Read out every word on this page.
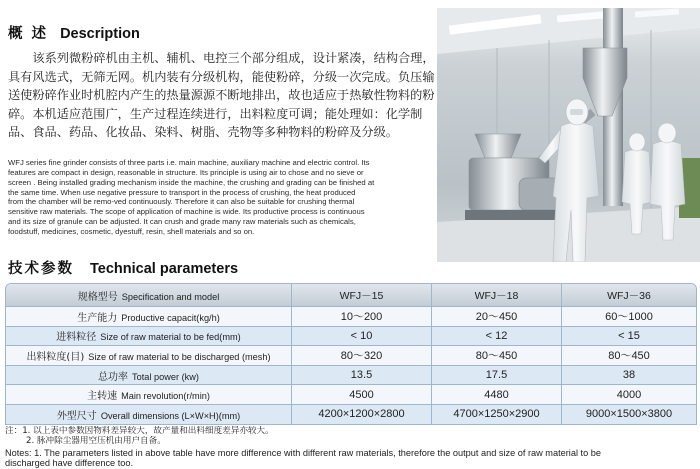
概 述 Description
该系列微粉碎机由主机、辅机、电控三个部分组成，设计紧凑，结构合理，
具有风选式，无筛无网。机内装有分级机构，能使粉碎，分级一次完成。负压输
送使粉碎作业时机腔内产生的热量源源不断地排出，故也适应于热敏性物料的粉
碎。本机适应范围广，生产过程连续进行，出料粒度可调；能处理如：化学制
品、食品、药品、化妆品、染料、树脂、壳物等多种物料的粉碎及分级。
WFJ series fine grinder consists of three parts i.e. main machine, auxiliary machine and electric control. Its
features are compact in design, reasonable in structure. Its principle is using air to chose and no sieve or
screen . Being installed grading mechanism inside the machine, the crushing and grading can be finished at
the same time. When use negative pressure to transport in the process of crushing, the heat produced
from the chamber will be remo-ved continuously. Therefore it can also be suitable for crushing thermal
sensitive raw materials. The scope of application of machine is wide. Its productive process is continuous
and its size of granule can be adjusted. It can crush and grade many raw materials such as chemicals,
foodstuff, medicines, cosmetic, dyestuff, resin, shell materials and so on.
技术参数 Technical parameters
规格型号 Specification and model	WFJ－15	WFJ－18	WFJ－36
生产能力 Productive capacit(kg/h)	10～200	20～450	60～1000
进料粒径 Size of raw material to be fed(mm)	< 10	< 12	< 15
出料粒度(目) Size of raw material to be discharged (mesh)	80～320	80～450	80～450
总功率 Total power (kw)	13.5	17.5	38
主转速 Main revolution(r/min)	4500	4480	4000
外型尺寸 Overall dimensions (L×W×H)(mm)	4200×1200×2800	4700×1250×2900	9000×1500×3800
注：1. 以上表中参数因物料差异较大，故产量和出料细度差异亦较大。
2. 脉冲除尘器用空压机由用户自备。
Notes: 1. The parameters listed in above table have more difference with different raw materials, therefore the output and size of raw material to be
discharged have difference too.
